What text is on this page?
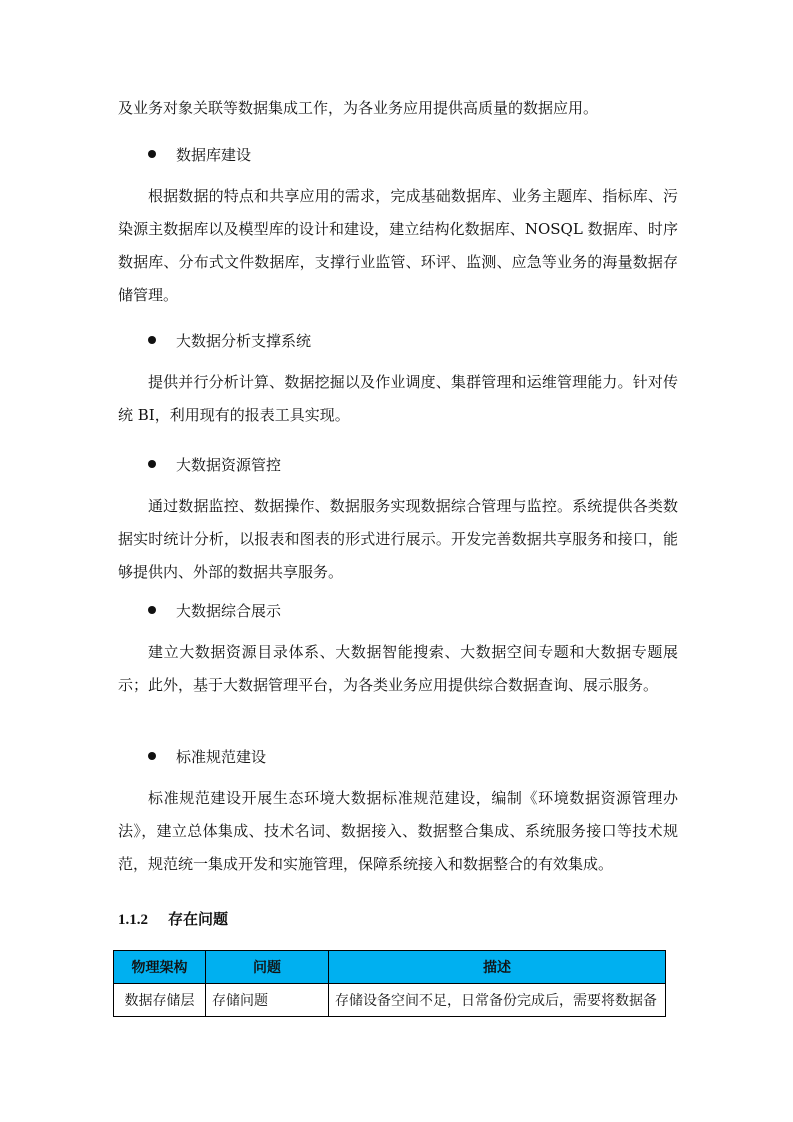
及业务对象关联等数据集成工作，为各业务应用提供高质量的数据应用。

数据库建设

根据数据的特点和共享应用的需求，完成基础数据库、业务主题库、指标库、污染源主数据库以及模型库的设计和建设，建立结构化数据库、NOSQL 数据库、时序数据库、分布式文件数据库，支撑行业监管、环评、监测、应急等业务的海量数据存储管理。

大数据分析支撑系统

提供并行分析计算、数据挖掘以及作业调度、集群管理和运维管理能力。针对传统 BI，利用现有的报表工具实现。

大数据资源管控

通过数据监控、数据操作、数据服务实现数据综合管理与监控。系统提供各类数据实时统计分析，以报表和图表的形式进行展示。开发完善数据共享服务和接口，能够提供内、外部的数据共享服务。

大数据综合展示

建立大数据资源目录体系、大数据智能搜索、大数据空间专题和大数据专题展示；此外，基于大数据管理平台，为各类业务应用提供综合数据查询、展示服务。

标准规范建设

标准规范建设开展生态环境大数据标准规范建设，编制《环境数据资源管理办法》，建立总体集成、技术名词、数据接入、数据整合集成、系统服务接口等技术规范，规范统一集成开发和实施管理，保障系统接入和数据整合的有效集成。

1.1.2 存在问题
物理架构	问题	描述
数据存储层	存储问题	存储设备空间不足，日常备份完成后，需要将数据备
